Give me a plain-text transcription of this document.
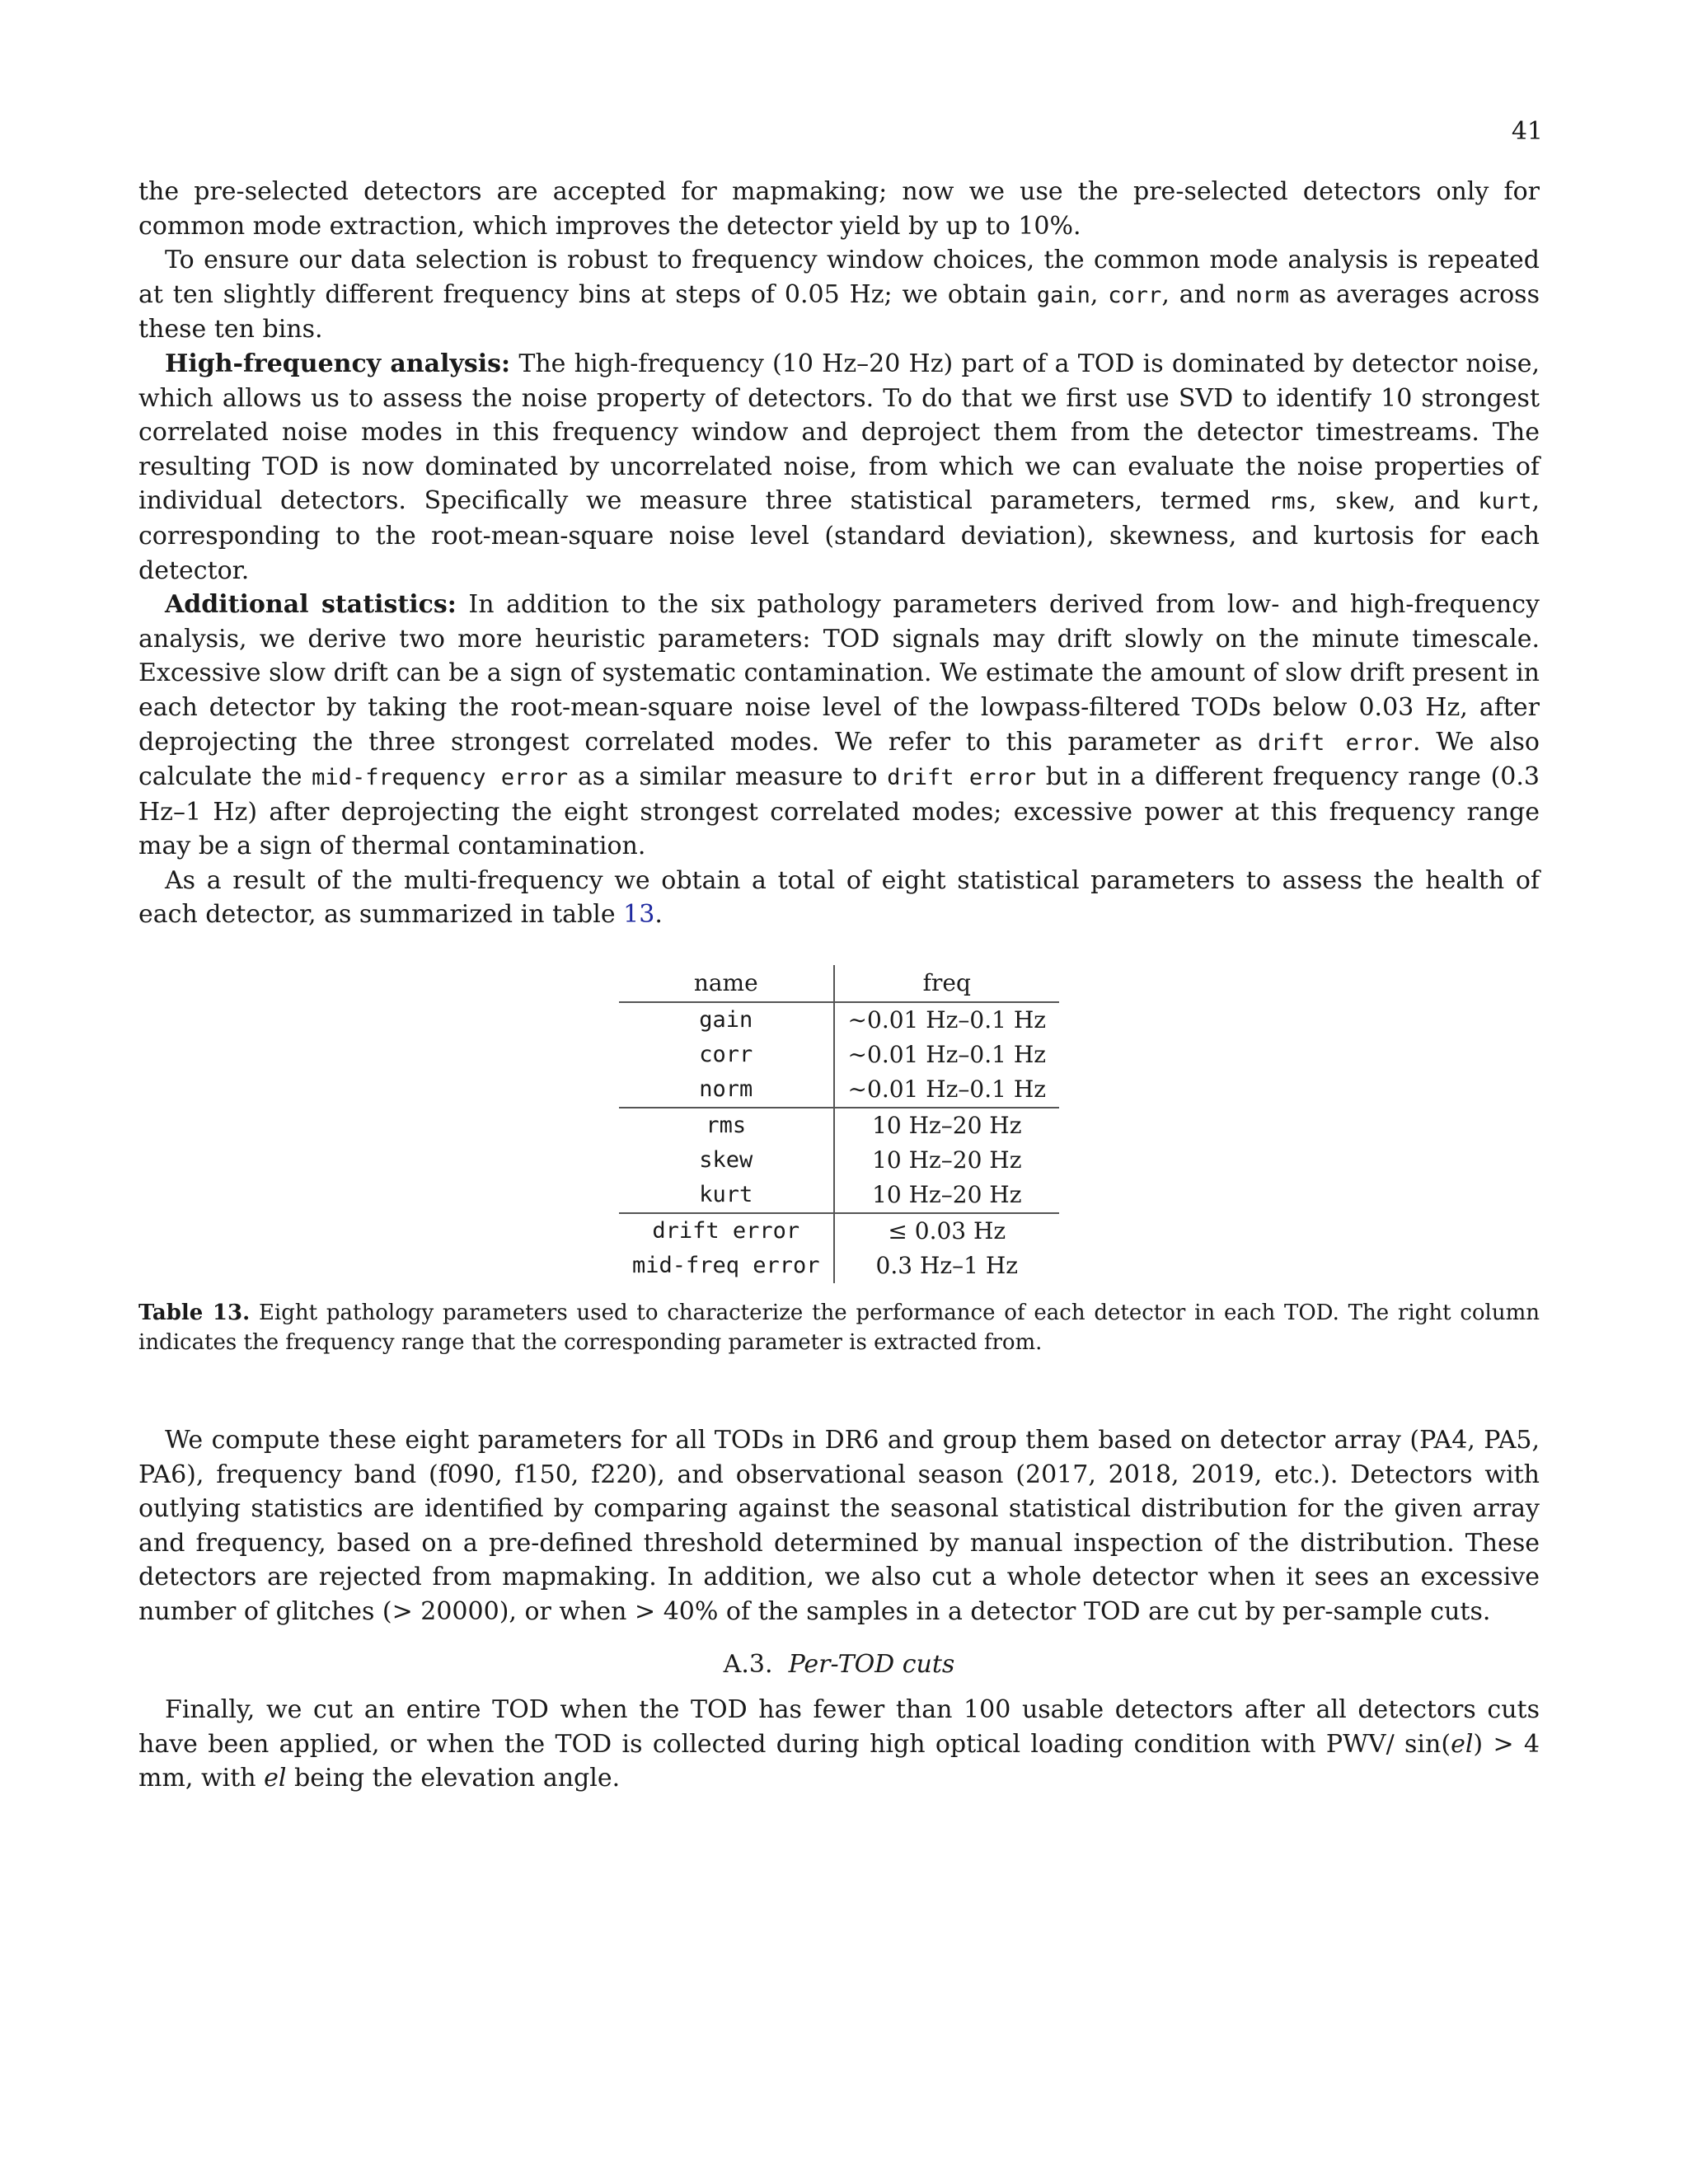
41

the pre-selected detectors are accepted for mapmaking; now we use the pre-selected detectors only for common mode extraction, which improves the detector yield by up to 10%.

To ensure our data selection is robust to frequency window choices, the common mode analysis is repeated at ten slightly different frequency bins at steps of 0.05 Hz; we obtain gain, corr, and norm as averages across these ten bins.

High-frequency analysis: The high-frequency (10 Hz–20 Hz) part of a TOD is dominated by detector noise, which allows us to assess the noise property of detectors. To do that we first use SVD to identify 10 strongest correlated noise modes in this frequency window and deproject them from the detector timestreams. The resulting TOD is now dominated by uncorrelated noise, from which we can evaluate the noise properties of individual detectors. Specifically we measure three statistical parameters, termed rms, skew, and kurt, corresponding to the root-mean-square noise level (standard deviation), skewness, and kurtosis for each detector.

Additional statistics: In addition to the six pathology parameters derived from low- and high-frequency analysis, we derive two more heuristic parameters: TOD signals may drift slowly on the minute timescale. Excessive slow drift can be a sign of systematic contamination. We estimate the amount of slow drift present in each detector by taking the root-mean-square noise level of the lowpass-filtered TODs below 0.03 Hz, after deprojecting the three strongest correlated modes. We refer to this parameter as drift error. We also calculate the mid-frequency error as a similar measure to drift error but in a different frequency range (0.3 Hz–1 Hz) after deprojecting the eight strongest correlated modes; excessive power at this frequency range may be a sign of thermal contamination.

As a result of the multi-frequency we obtain a total of eight statistical parameters to assess the health of each detector, as summarized in table 13.

name	freq
gain	∼0.01 Hz–0.1 Hz
corr	∼0.01 Hz–0.1 Hz
norm	∼0.01 Hz–0.1 Hz
rms	10 Hz–20 Hz
skew	10 Hz–20 Hz
kurt	10 Hz–20 Hz
drift error	≤ 0.03 Hz
mid-freq error	0.3 Hz–1 Hz
Table 13. Eight pathology parameters used to characterize the performance of each detector in each TOD. The right column indicates the frequency range that the corresponding parameter is extracted from.

We compute these eight parameters for all TODs in DR6 and group them based on detector array (PA4, PA5, PA6), frequency band (f090, f150, f220), and observational season (2017, 2018, 2019, etc.). Detectors with outlying statistics are identified by comparing against the seasonal statistical distribution for the given array and frequency, based on a pre-defined threshold determined by manual inspection of the distribution. These detectors are rejected from mapmaking. In addition, we also cut a whole detector when it sees an excessive number of glitches (> 20000), or when > 40% of the samples in a detector TOD are cut by per-sample cuts.

A.3. Per-TOD cuts

Finally, we cut an entire TOD when the TOD has fewer than 100 usable detectors after all detectors cuts have been applied, or when the TOD is collected during high optical loading condition with PWV/ sin(el) > 4 mm, with el being the elevation angle.
